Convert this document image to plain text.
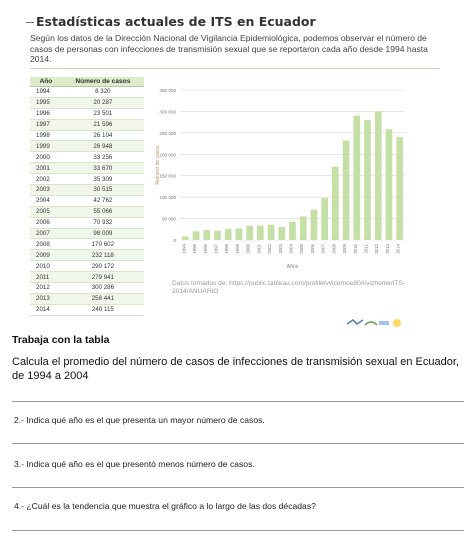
Estadísticas actuales de ITS en Ecuador
Según los datos de la Dirección Nacional de Vigilancia Epidemiológica, podemos observar el número de casos de personas con infecciones de transmisión sexual que se reportaron cada año desde 1994 hasta 2014.
Año	Número de casos
1994	8 320
1995	20 287
1996	23 501
1997	21 596
1998	26 104
1999	26 948
2000	33 256
2001	33 670
2002	35 309
2003	30 515
2004	42 762
2005	55 066
2006	70 932
2007	98 009
2008	170 602
2009	232 118
2010	290 172
2011	279 941
2012	300 286
2013	258 441
2014	240 115
0
50 000
100 000
150 000
200 000
250 000
300 000
350 000
1994 1995 1996 1997 1998 1999 2000 2001 2002 2003 2004 2005 2006 2007 2008 2009 2010 2011 2012 2013 2014
Años
Número de casos
Datos tomados de: https://public.tableau.com/profile/vvicemoe80#/vizhome/ITS-2014/ANUARIO
Trabaja con la tabla
Calcula el promedio del número de casos de infecciones de transmisión sexual en Ecuador, de 1994 a 2004
2.- Indica qué año es el que presenta un mayor número de casos.
3.- Indica qué año es el que presentó menos número de casos.
4.- ¿Cuál es la tendencia que muestra el gráfico a lo largo de las dos décadas?
